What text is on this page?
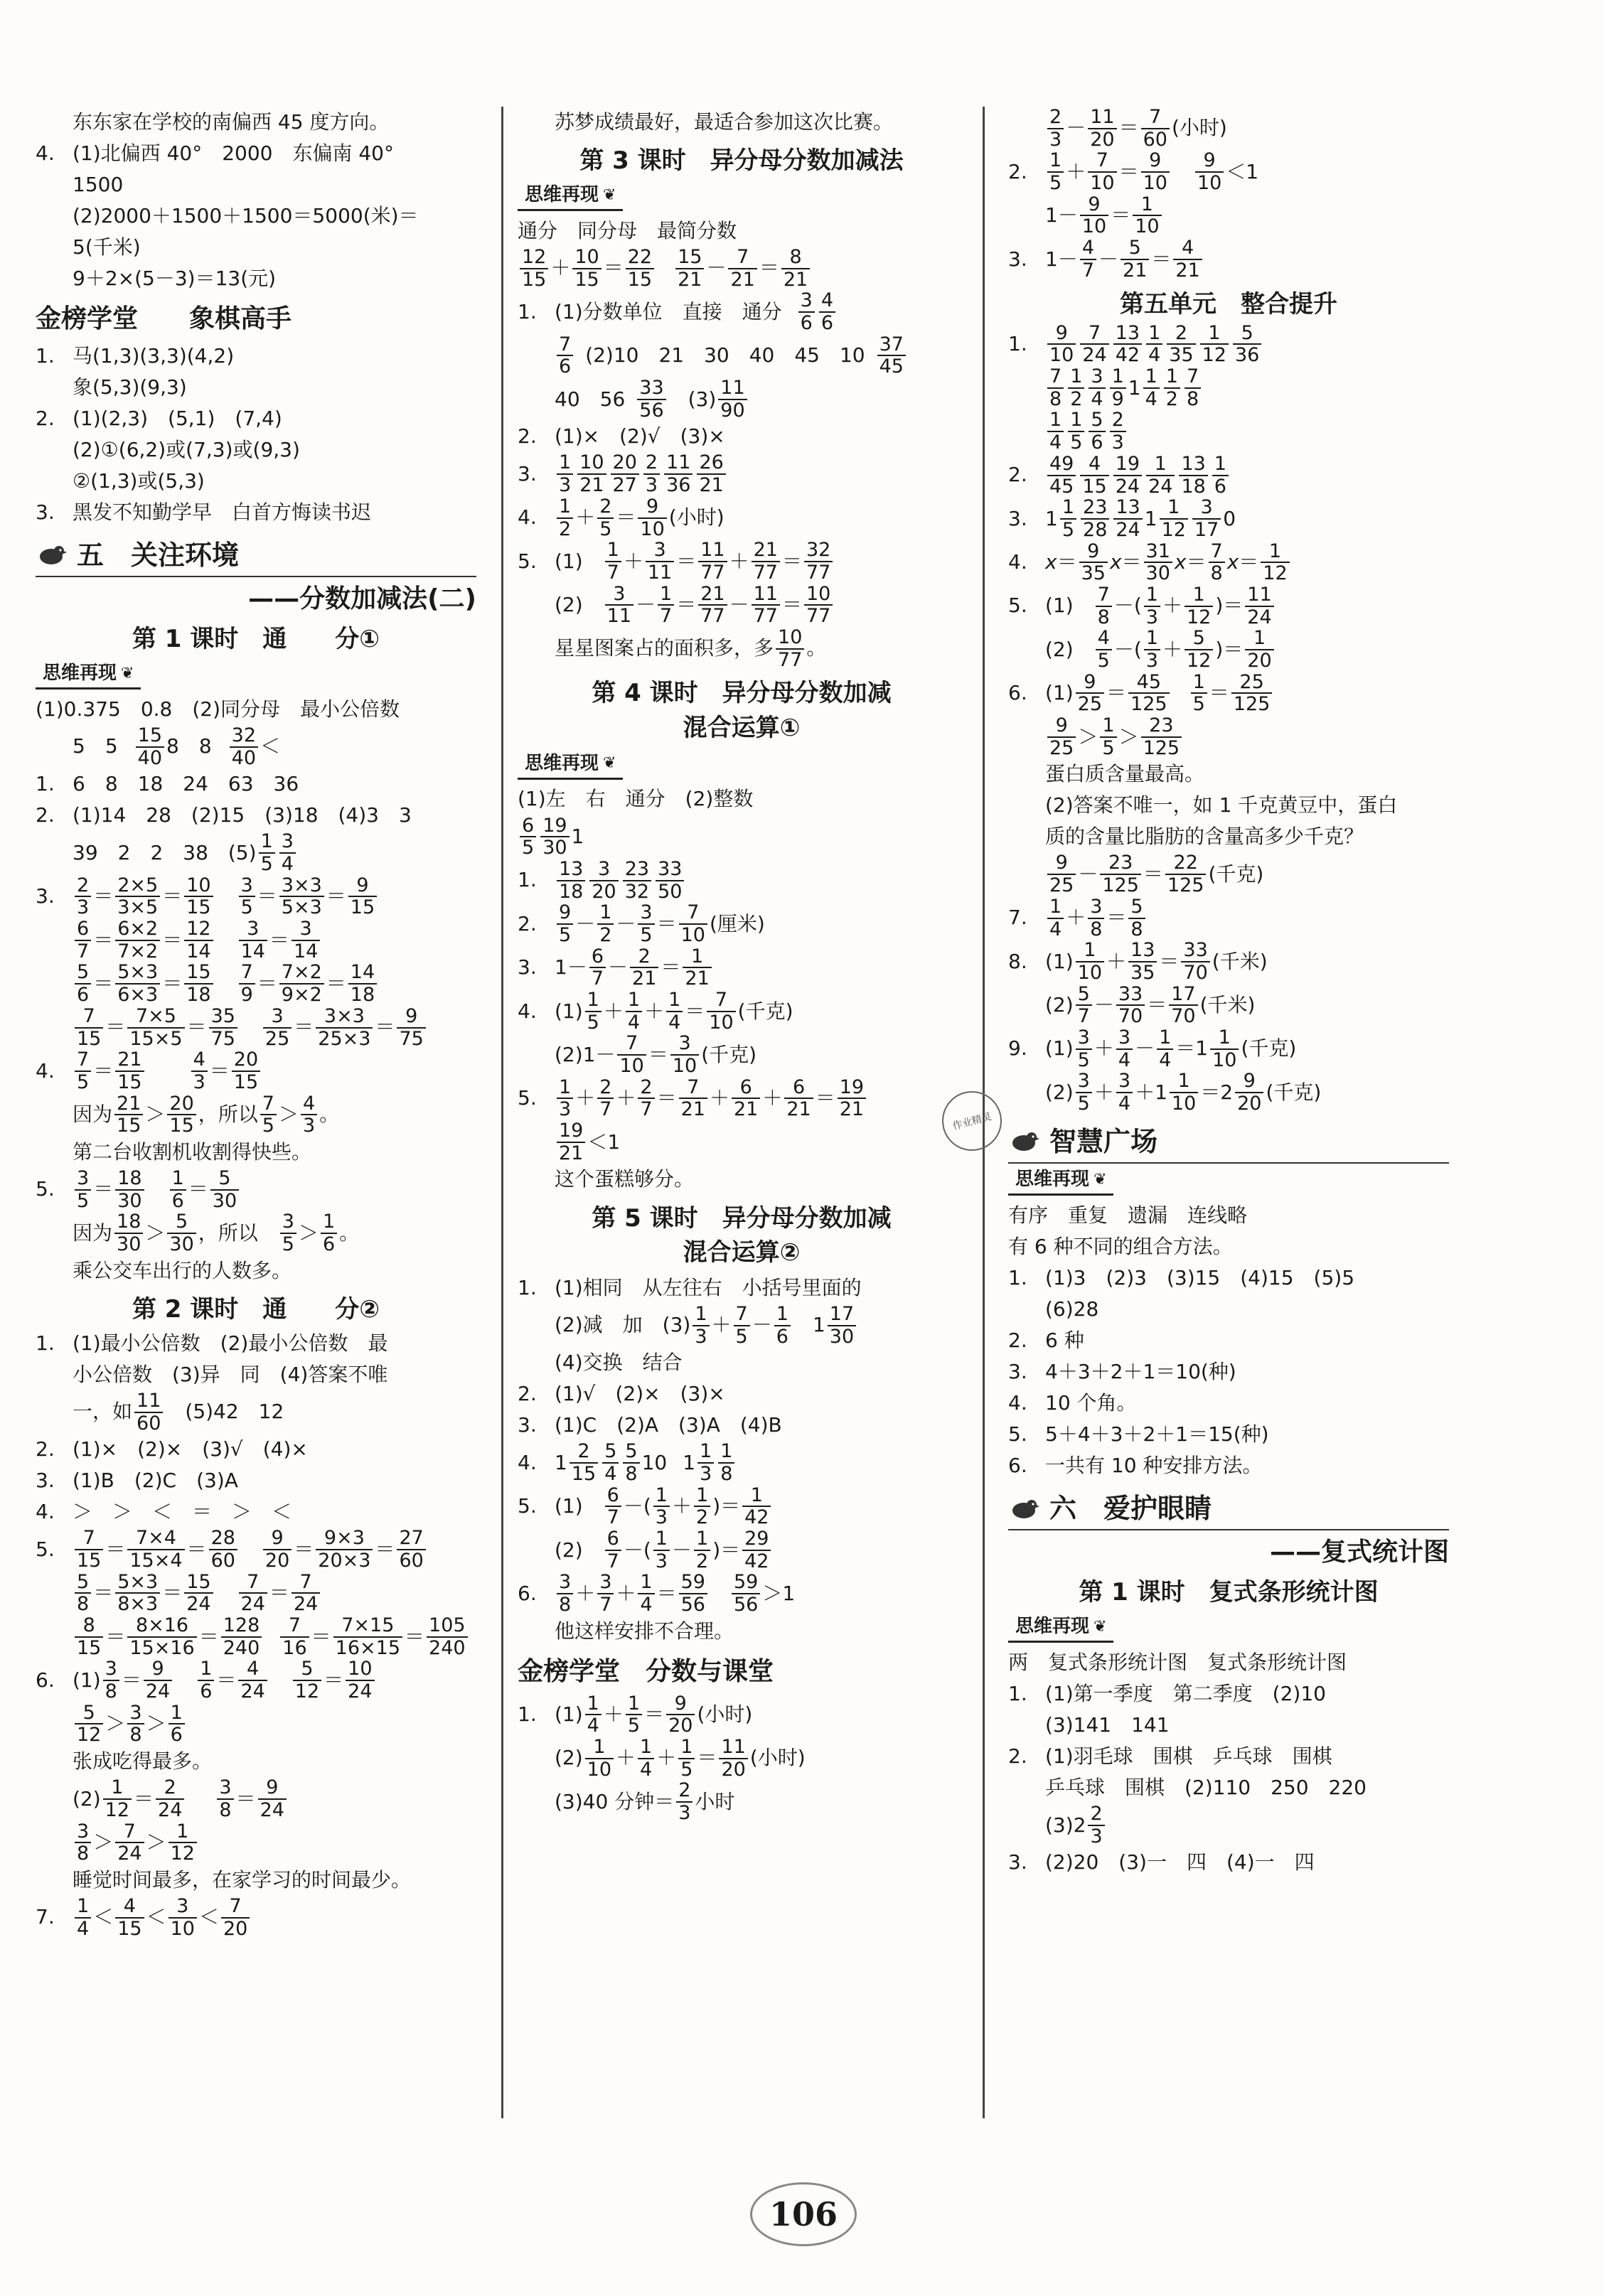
东东家在学校的南偏西 45 度方向。
4. (1)北偏西 40°　2000　东偏南 40°
1500
(2)2000＋1500＋1500＝5000(米)＝
5(千米)
9＋2×(5－3)＝13(元)
金榜学堂　　象棋高手
1. 马(1,3)(3,3)(4,2)
象(5,3)(9,3)
2. (1)(2,3)　(5,1)　(7,4)
(2)①(6,2)或(7,3)或(9,3)
②(1,3)或(5,3)
3. 黑发不知勤学早　白首方悔读书迟
五　关注环境
——分数加减法(二)
第 1 课时　通　　分①
思维再现 ❦
(1)0.375　0.8　(2)同分母　最小公倍数
5　5 15
40 8　8 32
40 ＜
1. 6　8　18　24　63　36
2. (1)14　28　(2)15　(3)18　(4)3　3
39　2　2　38　(5) 1
5
3
4
3.	2
3 ＝ 2×5
3×5 ＝ 10
15
3
5 ＝ 3×3
5×3 ＝ 9
15
6
7 ＝ 6×2
7×2 ＝ 12
14
3
14 ＝ 3
14
5
6 ＝ 5×3
6×3 ＝ 15
18
7
9 ＝ 7×2
9×2 ＝ 14
18
7
15 ＝ 7×5
15×5 ＝ 35
75
3
25 ＝ 3×3
25×3 ＝ 9
75
4.	7
5 ＝ 21
15
4
3 ＝ 20
15
因为 21
15 ＞ 20
15 ，所以 7
5 ＞ 4
3 。
第二台收割机收割得快些。
5.	3
5 ＝ 18
30
1
6 ＝ 5
30
因为 18
30 ＞ 5
30 ，所以
　 3
5 ＞ 1
6 。
乘公交车出行的人数多。
第 2 课时　通　　分②
1. (1)最小公倍数　(2)最小公倍数　最
小公倍数　(3)异　同　(4)答案不唯
一，如 11
60
　 (5)42　12
2. (1)×　(2)×　(3)√　(4)×
3. (1)B　(2)C　(3)A
4. ＞　＞　＜　＝　＞　＜
5.	7
15 ＝ 7×4
15×4 ＝ 28
60
9
20 ＝ 9×3
20×3 ＝ 27
60
5
8 ＝ 5×3
8×3 ＝ 15
24
7
24 ＝ 7
24
8
15 ＝ 8×16
15×16 ＝ 128
240
7
16 ＝ 7×15
16×15 ＝ 105
240
6. (1) 3
8 ＝ 9
24
1
6 ＝ 4
24
5
12 ＝ 10
24
5
12 ＞ 3
8 ＞ 1
6
张成吃得最多。
(2) 1
12 ＝ 2
24
3
8 ＝ 9
24
3
8 ＞ 7
24 ＞ 1
12
睡觉时间最多，在家学习的时间最少。
7.	1
4 ＜ 4
15 ＜ 3
10 ＜ 7
20
苏梦成绩最好，最适合参加这次比赛。
第 3 课时　异分母分数加减法
思维再现 ❦
通分　同分母　最简分数
12
15 ＋ 10
15 ＝ 22
15
15
21 － 7
21 ＝ 8
21
1. (1)分数单位　直接　通分 3
6
4
6
7
6 (2)10　21　30　40　45　10 37
45
40　56 33
56 　(3) 11
90
2. (1)×　(2)√　(3)×
3.	1
3
10
21
20
27
2
3
11
36
26
21
4.	1
2 ＋ 2
5 ＝ 9
10 (小时)
5. (1)　 1
7 ＋ 3
11 ＝ 11
77 ＋ 21
77 ＝ 32
77
(2)　 3
11 － 1
7 ＝ 21
77 － 11
77 ＝ 10
77
星星图案占的面积多，多 10
77 。
第 4 课时　异分母分数加减
混合运算①
思维再现 ❦
(1)左　右　通分　(2)整数
6
5
19
30 1
1.	13
18
3
20
23
32
33
50
2.	9
5 － 1
2 － 3
5 ＝ 7
10 (厘米)
3. 1－ 6
7 － 2
21 ＝ 1
21
4. (1) 1
5 ＋ 1
4 ＋ 1
4 ＝ 7
10 (千克)
(2)1－ 7
10 ＝ 3
10 (千克)
5.	1
3 ＋ 2
7 ＋ 2
7 ＝ 7
21 ＋ 6
21 ＋ 6
21 ＝ 19
21
19
21 ＜1
这个蛋糕够分。
第 5 课时　异分母分数加减
混合运算②
1. (1)相同　从左往右　小括号里面的
(2)减　加 　(3) 1
3 ＋ 7
5 － 1
6 　1 17
30
(4)交换　结合
2. (1)√　(2)×　(3)×
3. (1)C　(2)A　(3)A　(4)B
4. 1 2
15
5
4
5
8 10 1 1
3
1
8
5. (1)　 6
7 －( 1
3 ＋ 1
2 )＝ 1
42
(2)　 6
7 －( 1
3 － 1
2 )＝ 29
42
6.	3
8 ＋ 3
7 ＋ 1
4 ＝ 59
56

59
56 ＞1
他这样安排不合理。
金榜学堂　分数与课堂
1. (1) 1
4 ＋ 1
5 ＝ 9
20 (小时)
(2) 1
10 ＋ 1
4 ＋ 1
5 ＝ 11
20 (小时)
(3)40 分钟＝ 2
3 小时
2
3 － 11
20 ＝ 7
60 (小时)
2.	1
5 ＋ 7
10 ＝ 9
10
9
10 ＜1
1－ 9
10 ＝ 1
10
3. 1－ 4
7 － 5
21 ＝ 4
21
第五单元　整合提升
1.	9
10
7
24
13
42
1
4
2
35
1
12
5
36
7
8
1
2
3
4
1
9 1 1
4
1
2
7
8
1
4
1
5
5
6
2
3
2.	49
45
4
15
19
24
1
24
13
18
1
6
3. 1 1
5
23
28
13
24 1 1
12
3
17 0
4. x ＝ 9
35 x ＝ 31
30 x ＝ 7
8 x ＝ 1
12
5. (1)　 7
8 －( 1
3 ＋ 1
12 )＝ 11
24
(2)　 4
5 －( 1
3 ＋ 5
12 )＝ 1
20
6. (1) 9
25 ＝ 45
125
1
5 ＝ 25
125
9
25 ＞ 1
5 ＞ 23
125
蛋白质含量最高。
(2)答案不唯一，如 1 千克黄豆中，蛋白
质的含量比脂肪的含量高多少千克？
9
25 － 23
125 ＝ 22
125 (千克)
7.	1
4 ＋ 3
8 ＝ 5
8
8. (1) 1
10 ＋ 13
35 ＝ 33
70 (千米)
(2) 5
7 － 33
70 ＝ 17
70 (千米)
9. (1) 3
5 ＋ 3
4 － 1
4 ＝1 1
10 (千克)
(2) 3
5 ＋ 3
4 ＋1 1
10 ＝2 9
20 (千克)
智慧广场
思维再现 ❦
有序　重复　遗漏　连线略
有 6 种不同的组合方法。
1. (1)3　(2)3　(3)15　(4)15　(5)5
(6)28
2. 6 种
3. 4＋3＋2＋1＝10(种)
4. 10 个角。
5. 5＋4＋3＋2＋1＝15(种)
6. 一共有 10 种安排方法。
六　爱护眼睛
——复式统计图
第 1 课时　复式条形统计图
思维再现 ❦
两　复式条形统计图　复式条形统计图
1. (1)第一季度　第二季度　(2)10
(3)141　141
2. (1)羽毛球　围棋　乒乓球　围棋
乒乓球　围棋　(2)110　250　220
(3)2 2
3
3. (2)20　(3)一　四　(4)一　四
作业精灵
106
